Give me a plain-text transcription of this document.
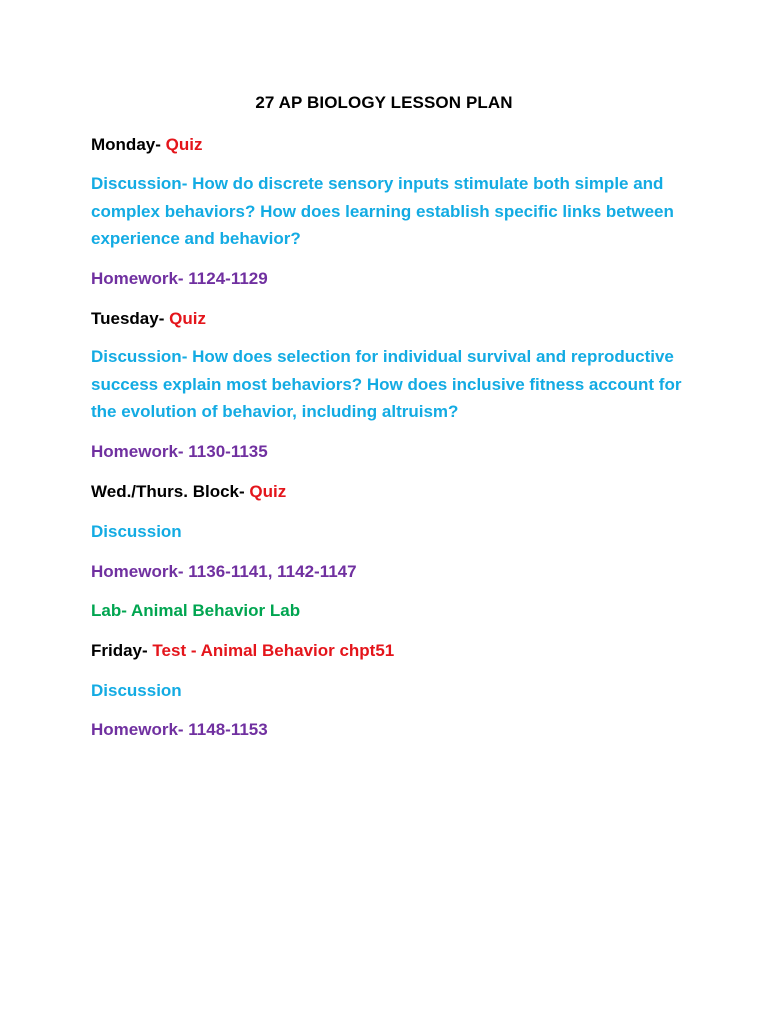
27 AP BIOLOGY LESSON PLAN
Monday- Quiz
Discussion- How do discrete sensory inputs stimulate both simple and
complex behaviors? How does learning establish specific links between
experience and behavior?
Homework- 1124-1129
Tuesday- Quiz
Discussion- How does selection for individual survival and reproductive
success explain most behaviors? How does inclusive fitness account for
the evolution of behavior, including altruism?
Homework- 1130-1135
Wed./Thurs. Block- Quiz
Discussion
Homework- 1136-1141, 1142-1147
Lab- Animal Behavior Lab
Friday- Test - Animal Behavior chpt51
Discussion
Homework- 1148-1153
